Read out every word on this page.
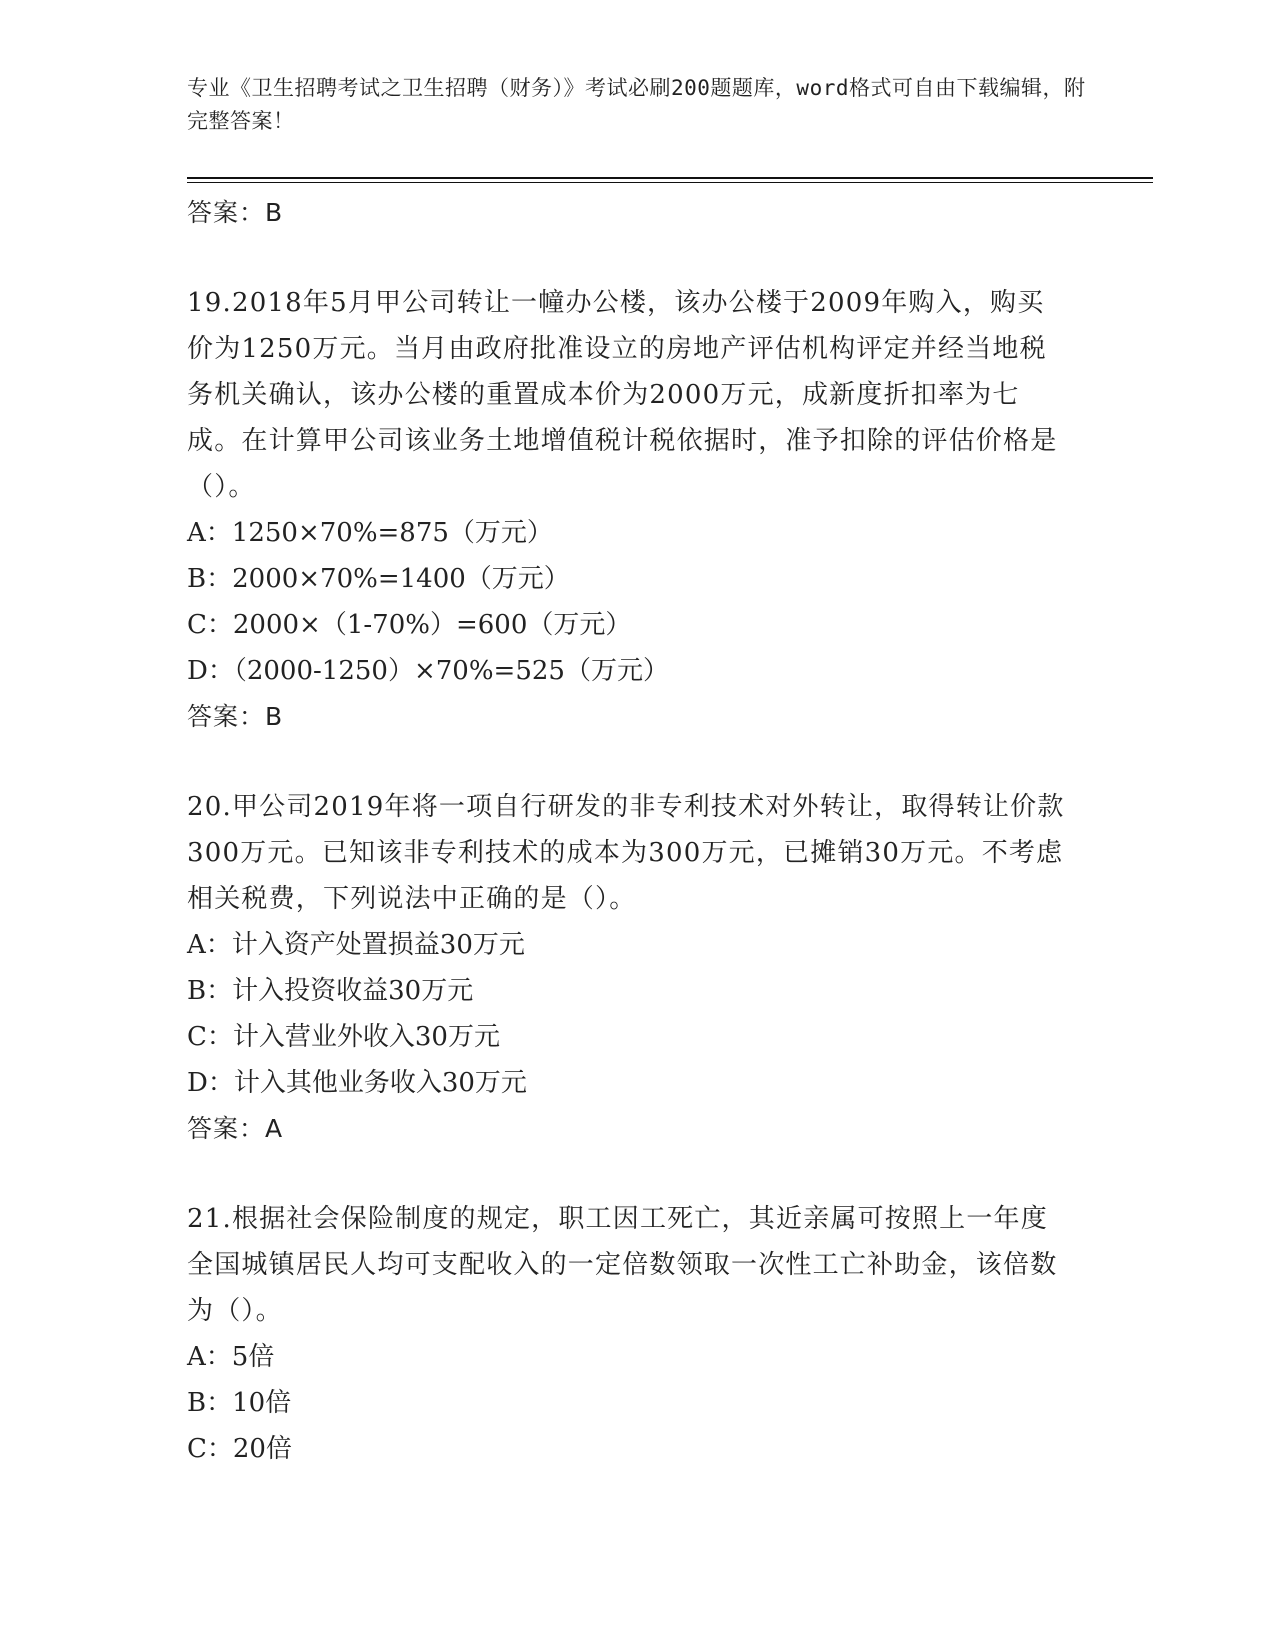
专业《卫生招聘考试之卫生招聘（财务）》考试必刷200题题库，word格式可自由下载编辑，附完整答案！
答案：B
19.2018年5月甲公司转让一幢办公楼，该办公楼于2009年购入，购买价为1250万元。当月由政府批准设立的房地产评估机构评定并经当地税务机关确认，该办公楼的重置成本价为2000万元，成新度折扣率为七成。在计算甲公司该业务土地增值税计税依据时，准予扣除的评估价格是（）。
A：1250×70%=875（万元）
B：2000×70%=1400（万元）
C：2000×（1-70%）=600（万元）
D：（2000-1250）×70%=525（万元）
答案：B
20.甲公司2019年将一项自行研发的非专利技术对外转让，取得转让价款300万元。已知该非专利技术的成本为300万元，已摊销30万元。不考虑相关税费，下列说法中正确的是（）。
A：计入资产处置损益30万元
B：计入投资收益30万元
C：计入营业外收入30万元
D：计入其他业务收入30万元
答案：A
21.根据社会保险制度的规定，职工因工死亡，其近亲属可按照上一年度全国城镇居民人均可支配收入的一定倍数领取一次性工亡补助金，该倍数为（）。
A：5倍
B：10倍
C：20倍
